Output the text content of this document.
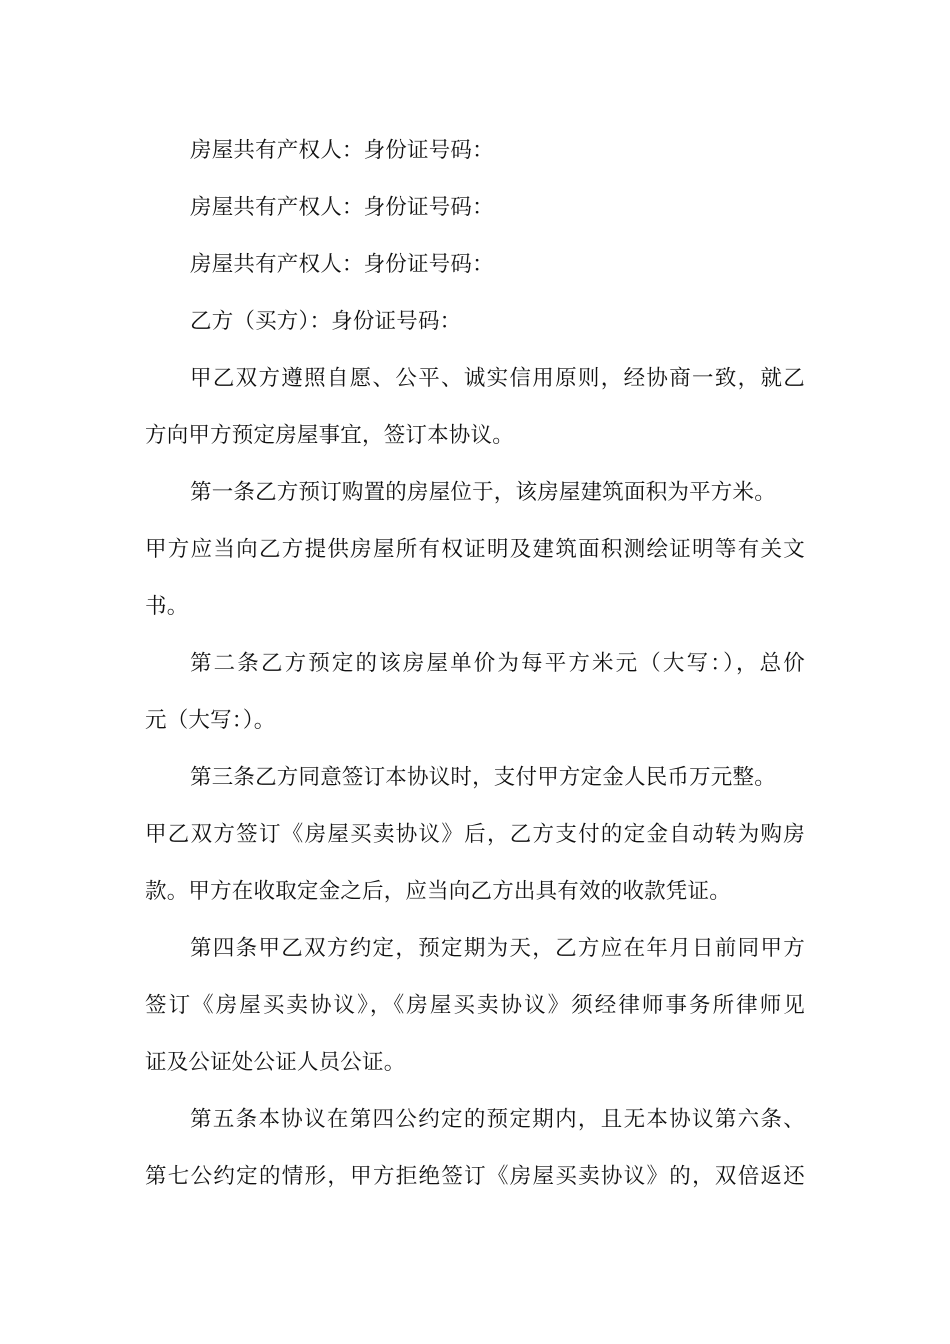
房屋共有产权人：身份证号码：
房屋共有产权人：身份证号码：
房屋共有产权人：身份证号码：
乙方（买方）：身份证号码：
甲乙双方遵照自愿、公平、诚实信用原则，经协商一致，就乙
方向甲方预定房屋事宜，签订本协议。
第一条乙方预订购置的房屋位于，该房屋建筑面积为平方米。
甲方应当向乙方提供房屋所有权证明及建筑面积测绘证明等有关文
书。
第二条乙方预定的该房屋单价为每平方米元（大写：），总价
元（大写：）。
第三条乙方同意签订本协议时，支付甲方定金人民币万元整。
甲乙双方签订《房屋买卖协议》后，乙方支付的定金自动转为购房
款。甲方在收取定金之后，应当向乙方出具有效的收款凭证。
第四条甲乙双方约定，预定期为天，乙方应在年月日前同甲方
签订《房屋买卖协议》，《房屋买卖协议》须经律师事务所律师见
证及公证处公证人员公证。
第五条本协议在第四公约定的预定期内，且无本协议第六条、
第七公约定的情形，甲方拒绝签订《房屋买卖协议》的，双倍返还
